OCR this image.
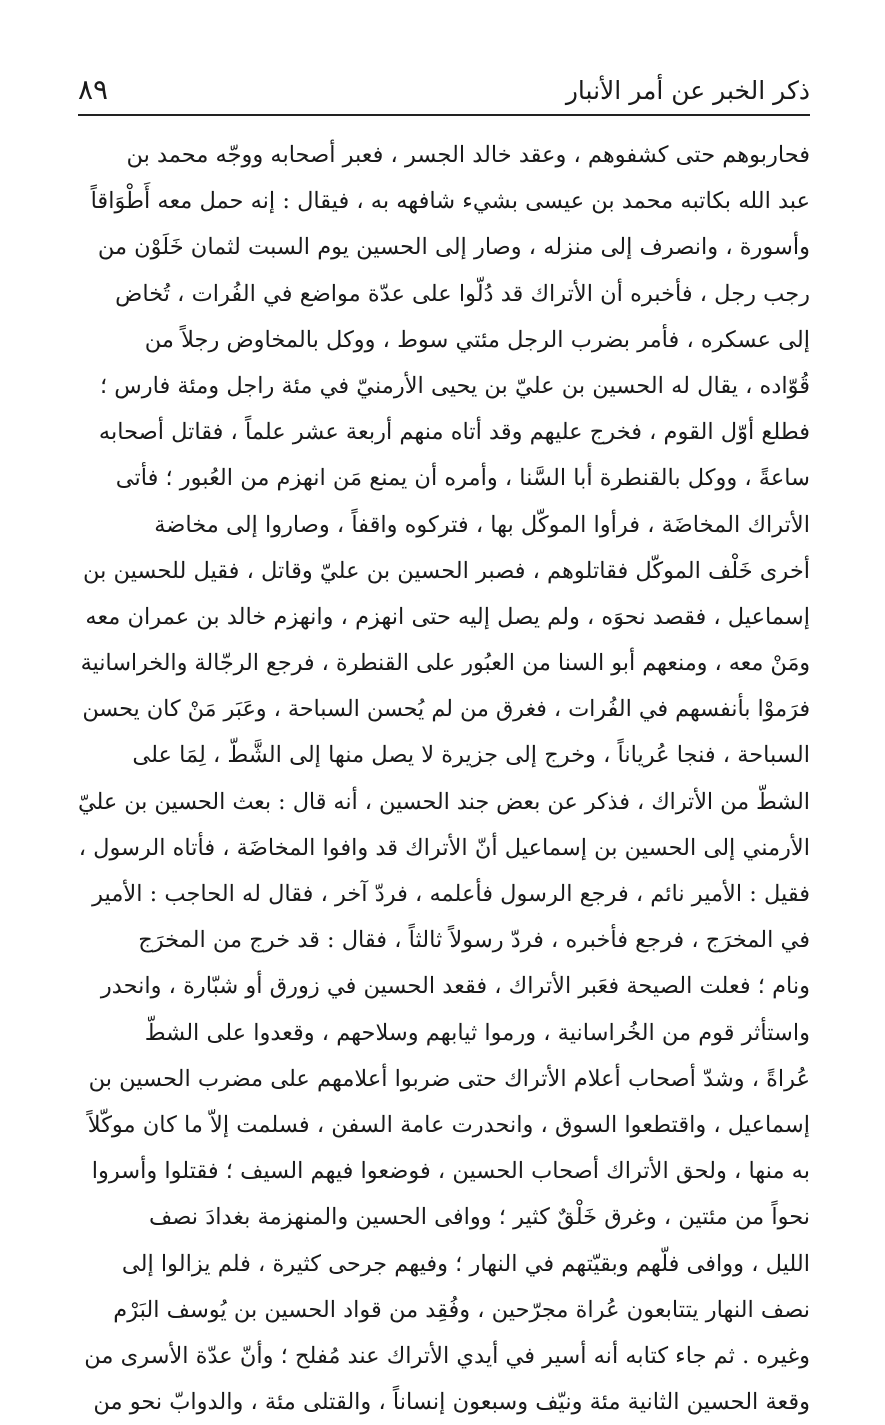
ذكر الخبر عن أمر الأنبار
٨٩
فحاربوهم حتى كشفوهم ، وعقد خالد الجسر ، فعبر أصحابه ووجّه محمد بن
عبد الله بكاتبه محمد بن عيسى بشيء شافهه به ، فيقال : إنه حمل معه أَطْوَاقاً
وأسورة ، وانصرف إلى منزله ، وصار إلى الحسين يوم السبت لثمان خَلَوْن من
رجب رجل ، فأخبره أن الأتراك قد دُلّوا على عدّة مواضع في الفُرات ، تُخاض
إلى عسكره ، فأمر بضرب الرجل مئتي سوط ، ووكل بالمخاوض رجلاً من
قُوّاده ، يقال له الحسين بن عليّ بن يحيى الأرمنيّ في مئة راجل ومئة فارس ؛
فطلع أوّل القوم ، فخرج عليهم وقد أتاه منهم أربعة عشر علماً ، فقاتل أصحابه
ساعةً ، ووكل بالقنطرة أبا السَّنا ، وأمره أن يمنع مَن انهزم من العُبور ؛ فأتى
الأتراك المخاضَة ، فرأوا الموكّل بها ، فتركوه واقفاً ، وصاروا إلى مخاضة
أخرى خَلْف الموكّل فقاتلوهم ، فصبر الحسين بن عليّ وقاتل ، فقيل للحسين بن
إسماعيل ، فقصد نحوَه ، ولم يصل إليه حتى انهزم ، وانهزم خالد بن عمران معه
ومَنْ معه ، ومنعهم أبو السنا من العبُور على القنطرة ، فرجع الرجّالة والخراسانية
فرَموْا بأنفسهم في الفُرات ، فغرق من لم يُحسن السباحة ، وعَبَر مَنْ كان يحسن
السباحة ، فنجا عُرياناً ، وخرج إلى جزيرة لا يصل منها إلى الشَّطّ ، لِمَا على
الشطّ من الأتراك ، فذكر عن بعض جند الحسين ، أنه قال : بعث الحسين بن عليّ
الأرمني إلى الحسين بن إسماعيل أنّ الأتراك قد وافوا المخاضَة ، فأتاه الرسول ،
فقيل : الأمير نائم ، فرجع الرسول فأعلمه ، فردّ آخر ، فقال له الحاجب : الأمير
في المخرَج ، فرجع فأخبره ، فردّ رسولاً ثالثاً ، فقال : قد خرج من المخرَج
ونام ؛ فعلت الصيحة فعَبر الأتراك ، فقعد الحسين في زورق أو شبّارة ، وانحدر
واستأثر قوم من الخُراسانية ، ورموا ثيابهم وسلاحهم ، وقعدوا على الشطّ
عُراةً ، وشدّ أصحاب أعلام الأتراك حتى ضربوا أعلامهم على مضرب الحسين بن
إسماعيل ، واقتطعوا السوق ، وانحدرت عامة السفن ، فسلمت إلاّ ما كان موكّلاً
به منها ، ولحق الأتراك أصحاب الحسين ، فوضعوا فيهم السيف ؛ فقتلوا وأسروا
نحواً من مئتين ، وغرق خَلْقٌ كثير ؛ ووافى الحسين والمنهزمة بغدادَ نصف
الليل ، ووافى فلّهم وبقيّتهم في النهار ؛ وفيهم جرحى كثيرة ، فلم يزالوا إلى
نصف النهار يتتابعون عُراة مجرّحين ، وفُقِد من قواد الحسين بن يُوسف البَرْم
وغيره . ثم جاء كتابه أنه أسير في أيدي الأتراك عند مُفلح ؛ وأنّ عدّة الأسرى من
وقعة الحسين الثانية مئة ونيّف وسبعون إنساناً ، والقتلى مئة ، والدوابّ نحو من
